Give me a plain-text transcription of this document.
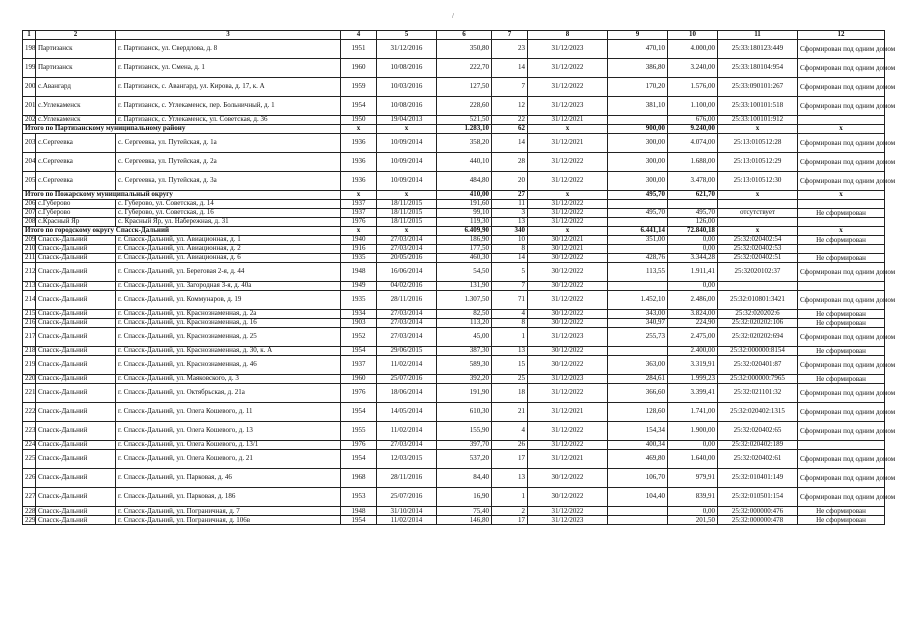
/
1	2	3	4	5	6	7	8	9	10	11	12
198	Партизанск	г. Партизанск, ул. Свердлова, д. 8	1951	31/12/2016	350,80	23	31/12/2023	470,10	4.000,00	25:33:180123:449	Сформирован под одним домом
199	Партизанск	г. Партизанск, ул. Смена, д. 1	1960	10/08/2016	222,70	14	31/12/2022	386,80	3.240,00	25:33:180104:954	Сформирован под одним домом
200	с.Авангард	г. Партизанск, с. Авангард, ул. Кирова, д. 17, к. А	1959	10/03/2016	127,50	7	31/12/2022	170,20	1.576,00	25:33:090101:267	Сформирован под одним домом
201	с.Углекаменск	г. Партизанск, с. Углекаменск, пер. Больничный, д. 1	1954	10/08/2016	228,60	12	31/12/2023	381,10	1.100,00	25:33:100101:518	Сформирован под одним домом
202	с.Углекаменск	г. Партизанск, с. Углекаменск, ул. Советская, д. 36	1950	19/04/2013	521,50	22	31/12/2021		676,00	25:33:100101:912	
Итого по Партизанскому муниципальному району			x	x	1.283,10	62	x	900,00	9.240,00	x	x
203	с.Сергеевка	с. Сергеевка, ул. Путейская, д. 1а	1936	10/09/2014	358,20	14	31/12/2021	300,00	4.074,00	25:13:010512:28	Сформирован под одним домом
204	с.Сергеевка	с. Сергеевка, ул. Путейская, д. 2а	1936	10/09/2014	440,10	28	31/12/2022	300,00	1.688,00	25:13:010512:29	Сформирован под одним домом
205	с.Сергеевка	с. Сергеевка, ул. Путейская, д. 3а	1936	10/09/2014	484,80	20	31/12/2022	300,00	3.478,00	25:13:010512:30	Сформирован под одним домом
Итого по Пожарскому муниципальный округу			x	x	410,00	27	x	495,70	621,70	x	x
206	с.Губерово	с. Губерово, ул. Советская, д. 14	1937	18/11/2015	191,60	11	31/12/2022				
207	с.Губерово	с. Губерово, ул. Советская, д. 16	1937	18/11/2015	99,10	3	31/12/2022	495,70	495,70	отсутствует	Не сформирован
208	с.Красный Яр	с. Красный Яр, ул. Набережная, д. 31	1976	18/11/2015	119,30	13	31/12/2022		126,00		
Итого по городскому округу Спасск-Дальний			x	x	6.409,90	340	x	6.441,14	72.840,18	x	x
209	Спасск-Дальний	г. Спасск-Дальний, ул. Авиационная, д. 1	1940	27/03/2014	186,90	10	30/12/2021	351,00	0,00	25:32:020402:54	Не сформирован
210	Спасск-Дальний	г. Спасск-Дальний, ул. Авиационная, д. 2	1916	27/03/2014	177,50	8	30/12/2021		0,00	25:32:020402:53	
211	Спасск-Дальний	г. Спасск-Дальний, ул. Авиационная, д. 6	1935	20/05/2016	460,30	14	30/12/2022	428,76	3.344,28	25:32:020402:51	Не сформирован
212	Спасск-Дальний	г. Спасск-Дальний, ул. Береговая 2-я, д. 44	1948	16/06/2014	54,50	5	30/12/2022	113,55	1.911,41	25:32020102:37	Сформирован под одним домом
213	Спасск-Дальний	г. Спасск-Дальний, ул. Загородная 3-я, д. 40а	1949	04/02/2016	131,90	7	30/12/2022		0,00		
214	Спасск-Дальний	г. Спасск-Дальний, ул. Коммунаров, д. 19	1935	28/11/2016	1.307,50	71	31/12/2022	1.452,10	2.486,00	25:32:010801:3421	Сформирован под одним домом
215	Спасск-Дальний	г. Спасск-Дальний, ул. Краснознаменная, д. 2а	1934	27/03/2014	82,50	4	30/12/2022	343,00	3.824,00	25:32:020202:6	Не сформирован
216	Спасск-Дальний	г. Спасск-Дальний, ул. Краснознаменная, д. 16	1903	27/03/2014	113,20	8	30/12/2022	340,97	224,90	25:32:020202:106	Не сформирован
217	Спасск-Дальний	г. Спасск-Дальний, ул. Краснознаменная, д. 25	1952	27/03/2014	45,00	1	31/12/2023	255,73	2.475,00	25:32:020202:694	Сформирован под одним домом
218	Спасск-Дальний	г. Спасск-Дальний, ул. Краснознаменная, д. 30, к. А	1954	29/06/2015	387,30	13	30/12/2022		2.400,00	25:32:000000:8154	Не сформирован
219	Спасск-Дальний	г. Спасск-Дальний, ул. Краснознаменная, д. 46	1937	11/02/2014	589,30	15	30/12/2022	363,00	3.319,91	25:32:020401:87	Сформирован под одним домом
220	Спасск-Дальний	г. Спасск-Дальний, ул. Маяковского, д. 3	1960	25/07/2016	392,20	25	31/12/2023	284,61	1.999,23	25:32:000000:7965	Не сформирован
221	Спасск-Дальний	г. Спасск-Дальний, ул. Октябрьская, д. 21а	1976	18/06/2014	191,90	18	31/12/2022	366,60	3.399,41	25:32:021101:32	Сформирован под одним домом
222	Спасск-Дальний	г. Спасск-Дальний, ул. Олега Кошевого, д. 11	1954	14/05/2014	610,30	21	31/12/2021	128,60	1.741,00	25:32:020402:1315	Сформирован под одним домом
223	Спасск-Дальний	г. Спасск-Дальний, ул. Олега Кошевого, д. 13	1955	11/02/2014	155,90	4	31/12/2022	154,34	1.900,00	25:32:020402:65	Сформирован под одним домом
224	Спасск-Дальний	г. Спасск-Дальний, ул. Олега Кошевого, д. 13/1	1976	27/03/2014	397,70	26	31/12/2022	400,34	0,00	25:32:020402:189	
225	Спасск-Дальний	г. Спасск-Дальний, ул. Олега Кошевого, д. 21	1954	12/03/2015	537,20	17	31/12/2021	469,80	1.640,00	25:32:020402:61	Сформирован под одним домом
226	Спасск-Дальний	г. Спасск-Дальний, ул. Парковая, д. 46	1968	28/11/2016	84,40	13	30/12/2022	106,70	979,91	25:32:010401:149	Сформирован под одним домом
227	Спасск-Дальний	г. Спасск-Дальний, ул. Парковая, д. 186	1953	25/07/2016	16,90	1	30/12/2022	104,40	839,91	25:32:010501:154	Сформирован под одним домом
228	Спасск-Дальний	г. Спасск-Дальний, ул. Пограничная, д. 7	1948	31/10/2014	75,40	2	31/12/2022		0,00	25:32:000000:476	Не сформирован
229	Спасск-Дальний	г. Спасск-Дальний, ул. Пограничная, д. 106в	1954	11/02/2014	146,80	17	31/12/2023		201,50	25:32:000000:478	Не сформирован
